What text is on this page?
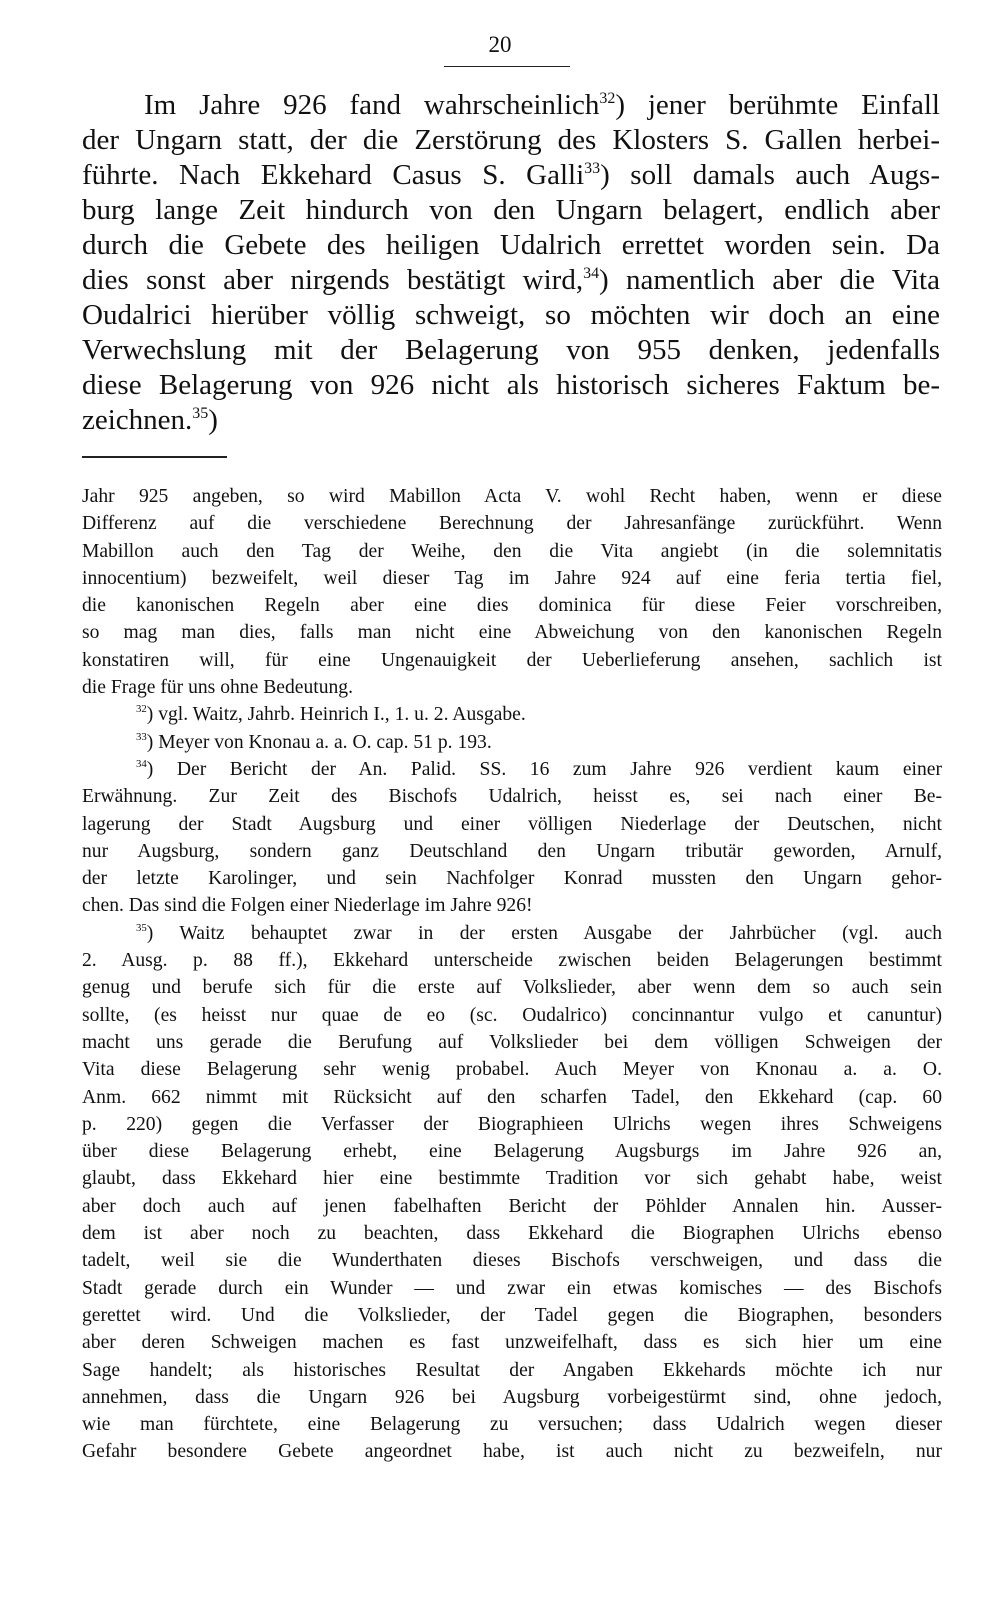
20
Im Jahre 926 fand wahrscheinlich$^{32}$) jener berühmte Einfall
der Ungarn statt, der die Zerstörung des Klosters S. Gallen herbei-
führte. Nach Ekkehard Casus S. Galli$^{33}$) soll damals auch Augs-
burg lange Zeit hindurch von den Ungarn belagert, endlich aber
durch die Gebete des heiligen Udalrich errettet worden sein. Da
dies sonst aber nirgends bestätigt wird,$^{34}$) namentlich aber die Vita
Oudalrici hierüber völlig schweigt, so möchten wir doch an eine
Verwechslung mit der Belagerung von 955 denken, jedenfalls
diese Belagerung von 926 nicht als historisch sicheres Faktum be-
zeichnen.$^{35}$)
Jahr 925 angeben, so wird Mabillon Acta V. wohl Recht haben, wenn er diese
Differenz auf die verschiedene Berechnung der Jahresanfänge zurückführt. Wenn
Mabillon auch den Tag der Weihe, den die Vita angiebt (in die solemnitatis
innocentium) bezweifelt, weil dieser Tag im Jahre 924 auf eine feria tertia fiel,
die kanonischen Regeln aber eine dies dominica für diese Feier vorschreiben,
so mag man dies, falls man nicht eine Abweichung von den kanonischen Regeln
konstatiren will, für eine Ungenauigkeit der Ueberlieferung ansehen, sachlich ist
die Frage für uns ohne Bedeutung.
$^{32}$) vgl. Waitz, Jahrb. Heinrich I., 1. u. 2. Ausgabe.
$^{33}$) Meyer von Knonau a. a. O. cap. 51 p. 193.
$^{34}$) Der Bericht der An. Palid. SS. 16 zum Jahre 926 verdient kaum einer
Erwähnung. Zur Zeit des Bischofs Udalrich, heisst es, sei nach einer Be-
lagerung der Stadt Augsburg und einer völligen Niederlage der Deutschen, nicht
nur Augsburg, sondern ganz Deutschland den Ungarn tributär geworden, Arnulf,
der letzte Karolinger, und sein Nachfolger Konrad mussten den Ungarn gehor-
chen. Das sind die Folgen einer Niederlage im Jahre 926!
$^{35}$) Waitz behauptet zwar in der ersten Ausgabe der Jahrbücher (vgl. auch
2. Ausg. p. 88 ff.), Ekkehard unterscheide zwischen beiden Belagerungen bestimmt
genug und berufe sich für die erste auf Volkslieder, aber wenn dem so auch sein
sollte, (es heisst nur quae de eo (sc. Oudalrico) concinnantur vulgo et canuntur)
macht uns gerade die Berufung auf Volkslieder bei dem völligen Schweigen der
Vita diese Belagerung sehr wenig probabel. Auch Meyer von Knonau a. a. O.
Anm. 662 nimmt mit Rücksicht auf den scharfen Tadel, den Ekkehard (cap. 60
p. 220) gegen die Verfasser der Biographieen Ulrichs wegen ihres Schweigens
über diese Belagerung erhebt, eine Belagerung Augsburgs im Jahre 926 an,
glaubt, dass Ekkehard hier eine bestimmte Tradition vor sich gehabt habe, weist
aber doch auch auf jenen fabelhaften Bericht der Pöhlder Annalen hin. Ausser-
dem ist aber noch zu beachten, dass Ekkehard die Biographen Ulrichs ebenso
tadelt, weil sie die Wunderthaten dieses Bischofs verschweigen, und dass die
Stadt gerade durch ein Wunder — und zwar ein etwas komisches — des Bischofs
gerettet wird. Und die Volkslieder, der Tadel gegen die Biographen, besonders
aber deren Schweigen machen es fast unzweifelhaft, dass es sich hier um eine
Sage handelt; als historisches Resultat der Angaben Ekkehards möchte ich nur
annehmen, dass die Ungarn 926 bei Augsburg vorbeigestürmt sind, ohne jedoch,
wie man fürchtete, eine Belagerung zu versuchen; dass Udalrich wegen dieser
Gefahr besondere Gebete angeordnet habe, ist auch nicht zu bezweifeln, nur
